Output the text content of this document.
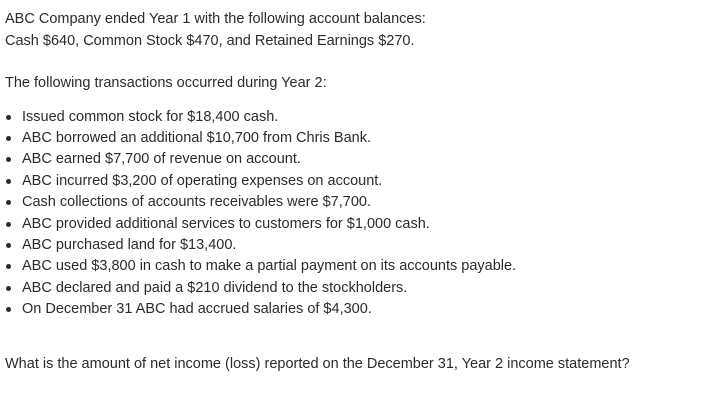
ABC Company ended Year 1 with the following account balances:

Cash $640, Common Stock $470, and Retained Earnings $270.

The following transactions occurred during Year 2:

Issued common stock for $18,400 cash.
ABC borrowed an additional $10,700 from Chris Bank.
ABC earned $7,700 of revenue on account.
ABC incurred $3,200 of operating expenses on account.
Cash collections of accounts receivables were $7,700.
ABC provided additional services to customers for $1,000 cash.
ABC purchased land for $13,400.
ABC used $3,800 in cash to make a partial payment on its accounts payable.
ABC declared and paid a $210 dividend to the stockholders.
On December 31 ABC had accrued salaries of $4,300.

What is the amount of net income (loss) reported on the December 31, Year 2 income statement?
